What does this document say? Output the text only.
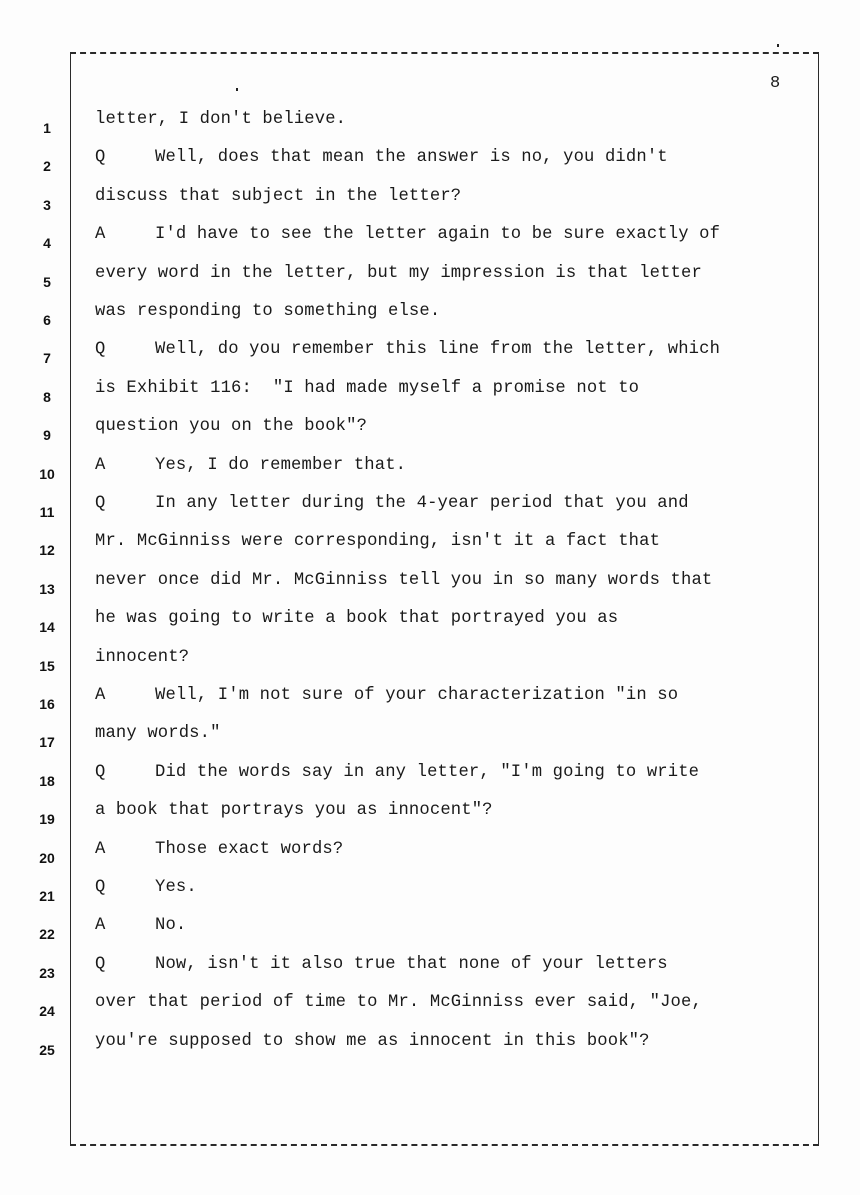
8
1
2
3
4
5
6
7
8
9
10
11
12
13
14
15
16
17
18
19
20
21
22
23
24
25
letter, I don't believe.
Q	Well, does that mean the answer is no, you didn't
discuss that subject in the letter?
A	I'd have to see the letter again to be sure exactly of
every word in the letter, but my impression is that letter
was responding to something else.
Q	Well, do you remember this line from the letter, which
is Exhibit 116:  "I had made myself a promise not to
question you on the book"?
A	Yes, I do remember that.
Q	In any letter during the 4-year period that you and
Mr. McGinniss were corresponding, isn't it a fact that
never once did Mr. McGinniss tell you in so many words that
he was going to write a book that portrayed you as
innocent?
A	Well, I'm not sure of your characterization "in so
many words."
Q	Did the words say in any letter, "I'm going to write
a book that portrays you as innocent"?
A	Those exact words?
Q	Yes.
A	No.
Q	Now, isn't it also true that none of your letters
over that period of time to Mr. McGinniss ever said, "Joe,
you're supposed to show me as innocent in this book"?
